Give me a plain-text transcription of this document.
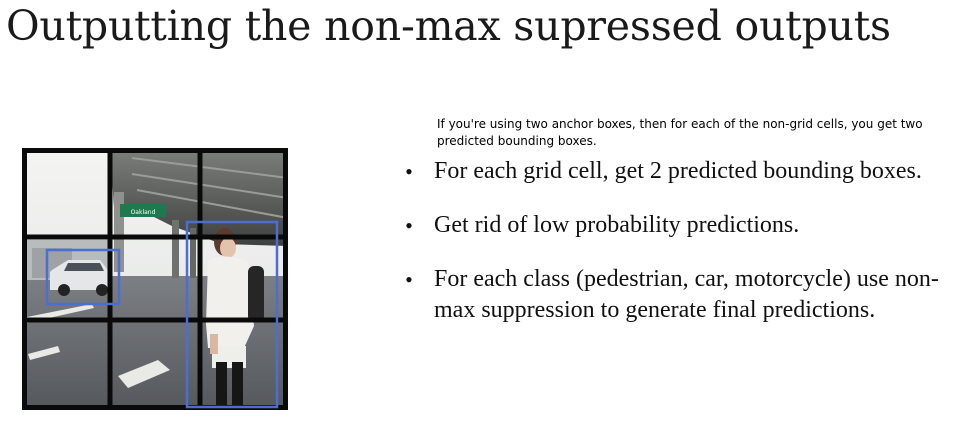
Outputting the non-max supressed outputs
If you're using two anchor boxes, then for each of the non-grid cells, you get two predicted bounding boxes.
• For each grid cell, get 2 predicted bounding boxes.
• Get rid of low probability predictions.
• For each class (pedestrian, car, motorcycle) use non-max suppression to generate final predictions.
Oakland
